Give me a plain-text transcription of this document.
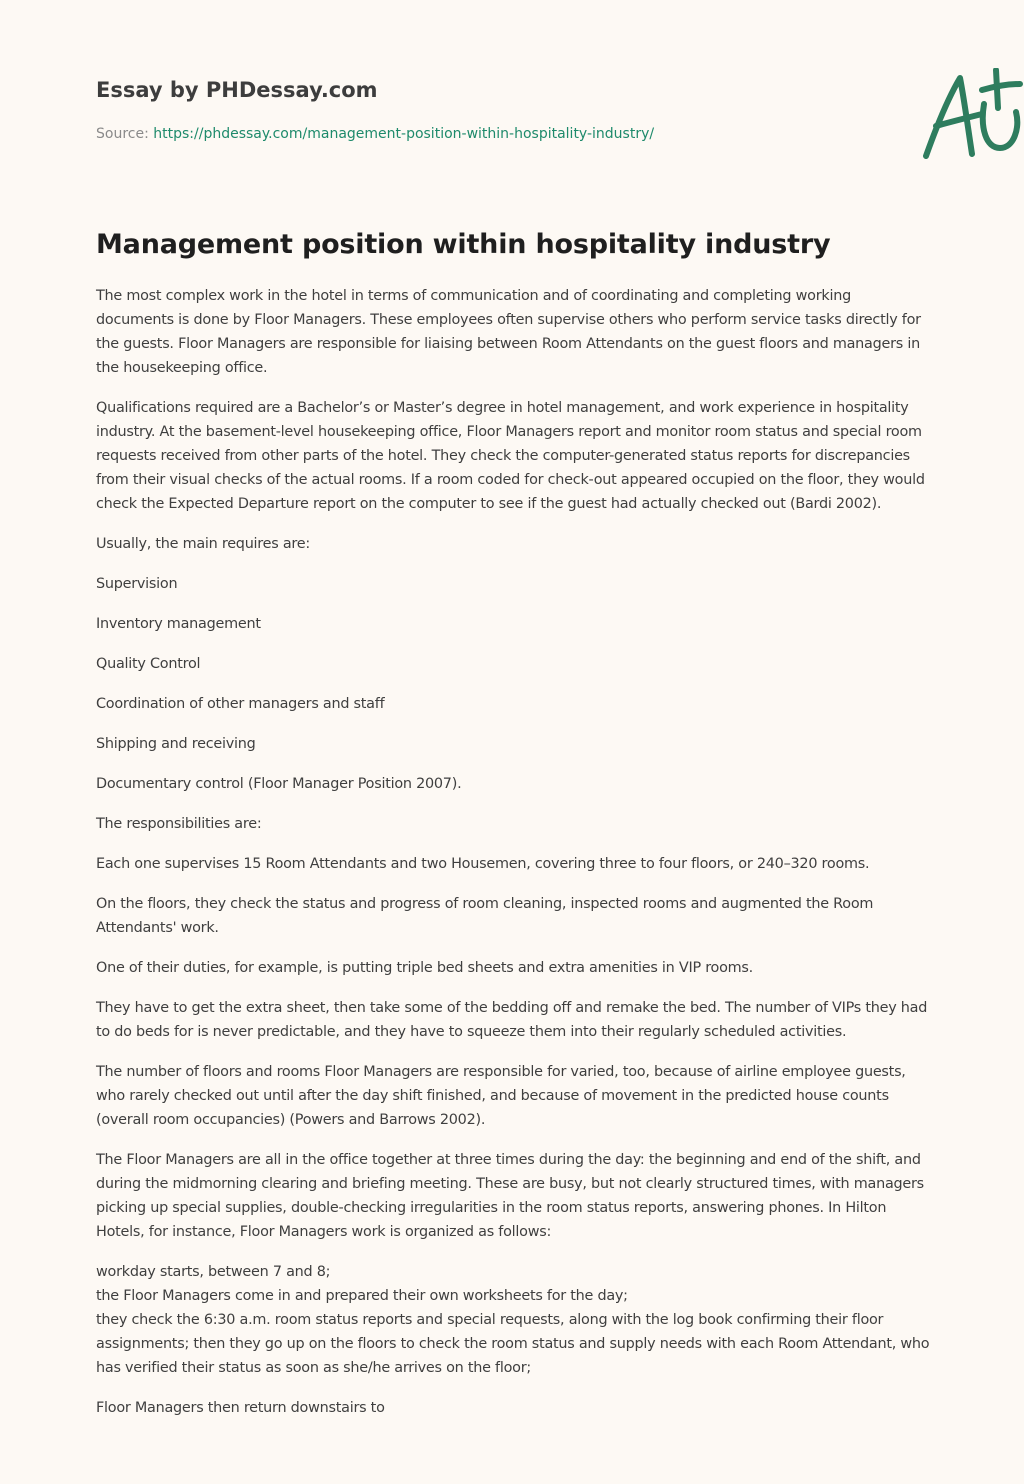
Essay by PHDessay.com
Source: https://phdessay.com/management-position-within-hospitality-industry/
Management position within hospitality industry

The most complex work in the hotel in terms of communication and of coordinating and completing working documents is done by Floor Managers. These employees often supervise others who perform service tasks directly for the guests. Floor Managers are responsible for liaising between Room Attendants on the guest floors and managers in the housekeeping office.

Qualifications required are a Bachelor’s or Master’s degree in hotel management, and work experience in hospitality industry. At the basement-level housekeeping office, Floor Managers report and monitor room status and special room requests received from other parts of the hotel. They check the computer-generated status reports for discrepancies from their visual checks of the actual rooms. If a room coded for check-out appeared occupied on the floor, they would check the Expected Departure report on the computer to see if the guest had actually checked out (Bardi 2002).

Usually, the main requires are:

Supervision

Inventory management

Quality Control

Coordination of other managers and staff

Shipping and receiving

Documentary control (Floor Manager Position 2007).

The responsibilities are:

Each one supervises 15 Room Attendants and two Housemen, covering three to four floors, or 240–320 rooms.

On the floors, they check the status and progress of room cleaning, inspected rooms and augmented the Room Attendants' work.

One of their duties, for example, is putting triple bed sheets and extra amenities in VIP rooms.

They have to get the extra sheet, then take some of the bedding off and remake the bed. The number of VIPs they had to do beds for is never predictable, and they have to squeeze them into their regularly scheduled activities.

The number of floors and rooms Floor Managers are responsible for varied, too, because of airline employee guests, who rarely checked out until after the day shift finished, and because of movement in the predicted house counts (overall room occupancies) (Powers and Barrows 2002).

The Floor Managers are all in the office together at three times during the day: the beginning and end of the shift, and during the midmorning clearing and briefing meeting. These are busy, but not clearly structured times, with managers picking up special supplies, double-checking irregularities in the room status reports, answering phones. In Hilton Hotels, for instance, Floor Managers work is organized as follows:

workday starts, between 7 and 8;
the Floor Managers come in and prepared their own worksheets for the day;
they check the 6:30 a.m. room status reports and special requests, along with the log book confirming their floor assignments; then they go up on the floors to check the room status and supply needs with each Room Attendant, who has verified their status as soon as she/he arrives on the floor;

Floor Managers then return downstairs to
